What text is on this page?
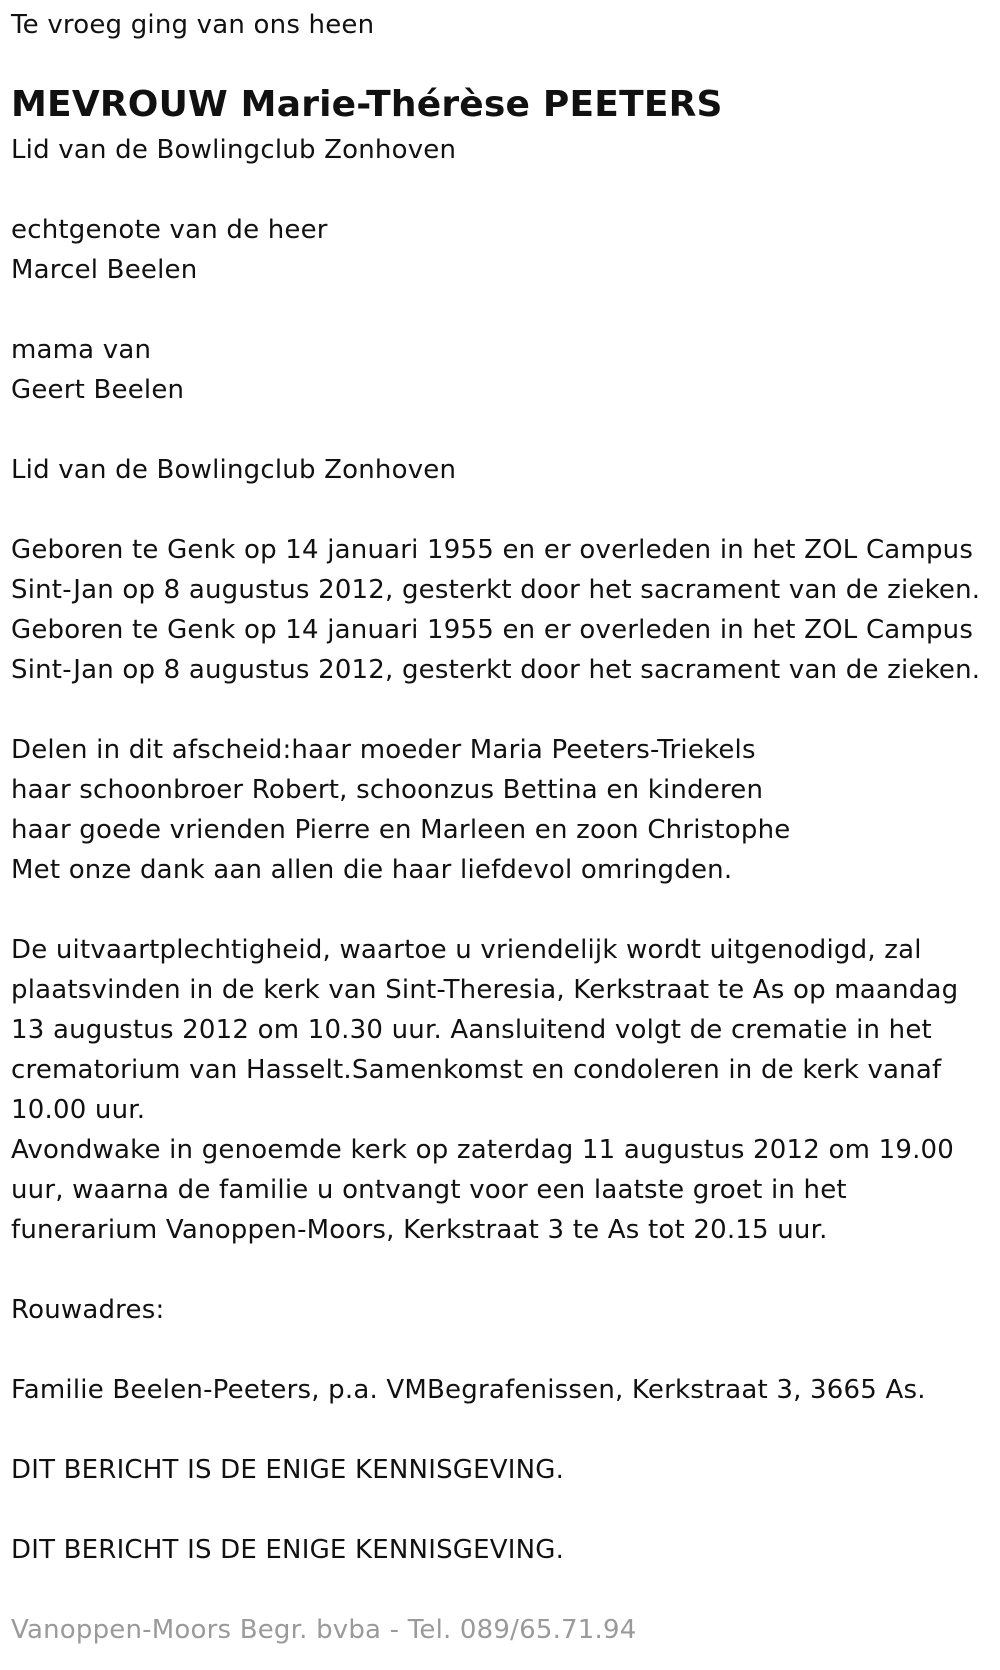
Te vroeg ging van ons heen
MEVROUW Marie-Thérèse PEETERS
Lid van de Bowlingclub Zonhoven
echtgenote van de heer
Marcel Beelen
mama van
Geert Beelen
Lid van de Bowlingclub Zonhoven
Geboren te Genk op 14 januari 1955 en er overleden in het ZOL Campus
Sint-Jan op 8 augustus 2012, gesterkt door het sacrament van de zieken.
Geboren te Genk op 14 januari 1955 en er overleden in het ZOL Campus
Sint-Jan op 8 augustus 2012, gesterkt door het sacrament van de zieken.
Delen in dit afscheid:haar moeder Maria Peeters-Triekels
haar schoonbroer Robert, schoonzus Bettina en kinderen
haar goede vrienden Pierre en Marleen en zoon Christophe
Met onze dank aan allen die haar liefdevol omringden.
De uitvaartplechtigheid, waartoe u vriendelijk wordt uitgenodigd, zal
plaatsvinden in de kerk van Sint-Theresia, Kerkstraat te As op maandag
13 augustus 2012 om 10.30 uur. Aansluitend volgt de crematie in het
crematorium van Hasselt.Samenkomst en condoleren in de kerk vanaf
10.00 uur.
Avondwake in genoemde kerk op zaterdag 11 augustus 2012 om 19.00
uur, waarna de familie u ontvangt voor een laatste groet in het
funerarium Vanoppen-Moors, Kerkstraat 3 te As tot 20.15 uur.
Rouwadres:
Familie Beelen-Peeters, p.a. VMBegrafenissen, Kerkstraat 3, 3665 As.
DIT BERICHT IS DE ENIGE KENNISGEVING.
DIT BERICHT IS DE ENIGE KENNISGEVING.
Vanoppen-Moors Begr. bvba - Tel. 089/65.71.94
